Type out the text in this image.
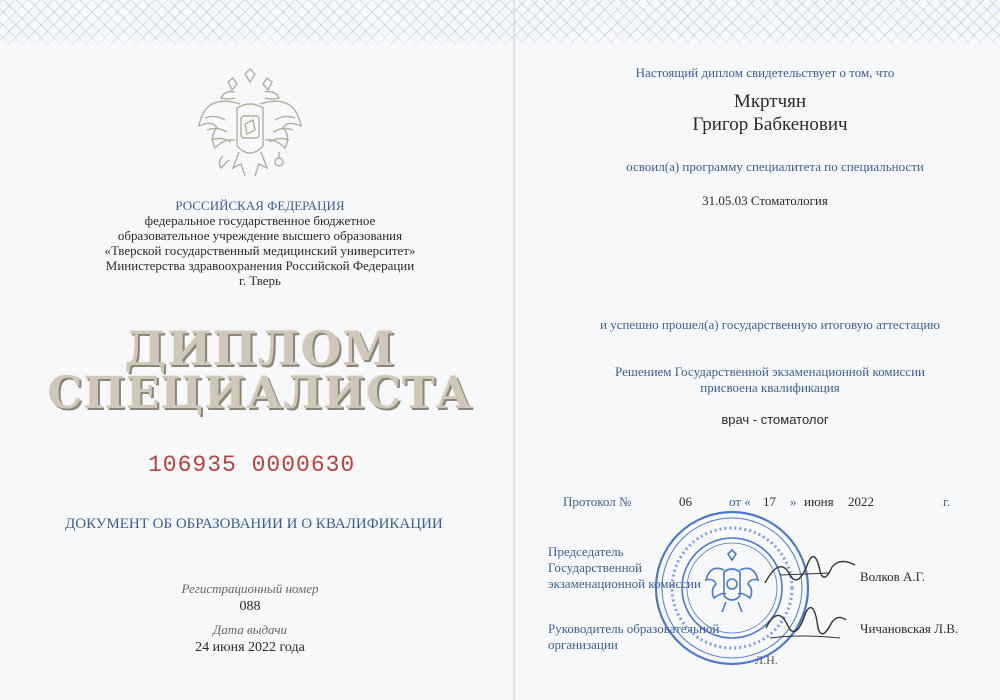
РОССИЙСКАЯ ФЕДЕРАЦИЯ
федеральное государственное бюджетное
образовательное учреждение высшего образования
«Тверской государственный медицинский университет»
Министерства здравоохранения Российской Федерации
г. Тверь
ДИПЛОМ
СПЕЦИАЛИСТА
106935 0000630
ДОКУМЕНТ ОБ ОБРАЗОВАНИИ И О КВАЛИФИКАЦИИ
Регистрационный номер
088
Дата выдачи
24 июня 2022 года
Настоящий диплом свидетельствует о том, что
Мкртчян
Григор Бабкенович
освоил(а) программу специалитета по специальности
31.05.03 Стоматология
и успешно прошел(а) государственную итоговую аттестацию
Решением Государственной экзаменационной комиссии
присвоена квалификация
врач - стоматолог
Протокол №	06	от « 17 » июня 2022	г.
Председатель
Государственной
экзаменационной комиссии	Волков А.Г.
Руководитель образовательной
организации
Чичановская Л.В.
Л.Н.
